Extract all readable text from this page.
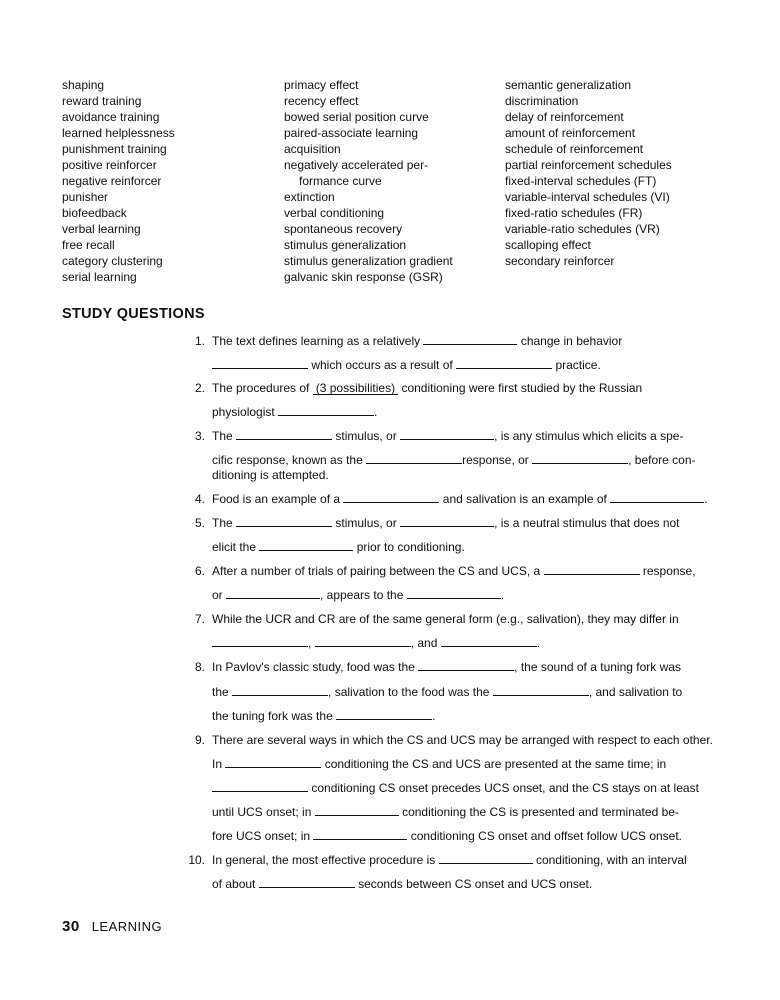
shaping
reward training
avoidance training
learned helplessness
punishment training
positive reinforcer
negative reinforcer
punisher
biofeedback
verbal learning
free recall
category clustering
serial learning
primacy effect
recency effect
bowed serial position curve
paired-associate learning
acquisition
negatively accelerated per-
formance curve
extinction
verbal conditioning
spontaneous recovery
stimulus generalization
stimulus generalization gradient
galvanic skin response (GSR)
semantic generalization
discrimination
delay of reinforcement
amount of reinforcement
schedule of reinforcement
partial reinforcement schedules
fixed-interval schedules (FT)
variable-interval schedules (VI)
fixed-ratio schedules (FR)
variable-ratio schedules (VR)
scalloping effect
secondary reinforcer
STUDY QUESTIONS
1. The text defines learning as a relatively	change in behavior
which occurs as a result of	practice.
2. The procedures of (3 possibilities) conditioning were first studied by the Russian
physiologist	.
3. The	stimulus, or	, is any stimulus which elicits a spe-
cific response, known as the	response, or	, before con-
ditioning is attempted.
4. Food is an example of a	and salivation is an example of	.
5. The	stimulus, or	, is a neutral stimulus that does not
elicit the	prior to conditioning.
6. After a number of trials of pairing between the CS and UCS, a	response,
or	, appears to the	.
7. While the UCR and CR are of the same general form (e.g., salivation), they may differ in
,	, and	.
8. In Pavlov's classic study, food was the	, the sound of a tuning fork was
the	, salivation to the food was the	, and salivation to
the tuning fork was the	.
9. There are several ways in which the CS and UCS may be arranged with respect to each other.
In	conditioning the CS and UCS are presented at the same time; in
conditioning CS onset precedes UCS onset, and the CS stays on at least
until UCS onset; in	conditioning the CS is presented and terminated be-
fore UCS onset; in	conditioning CS onset and offset follow UCS onset.
10. In general, the most effective procedure is	conditioning, with an interval
of about	seconds between CS onset and UCS onset.
30 LEARNING
